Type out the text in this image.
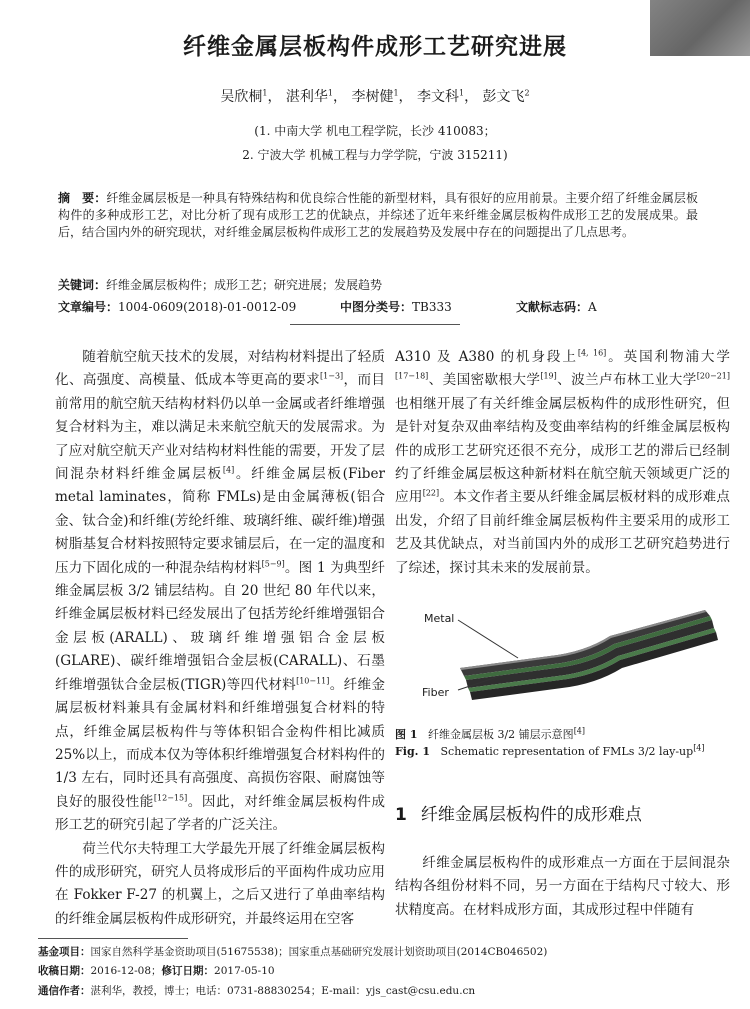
纤维金属层板构件成形工艺研究进展
吴欣桐$^1$， 湛利华$^1$， 李树健$^1$， 李文科$^1$， 彭文飞$^2$
(1. 中南大学 机电工程学院，长沙 410083；
2. 宁波大学 机械工程与力学学院，宁波 315211)
摘　要：纤维金属层板是一种具有特殊结构和优良综合性能的新型材料，具有很好的应用前景。主要介绍了纤维金属层板构件的多种成形工艺，对比分析了现有成形工艺的优缺点，并综述了近年来纤维金属层板构件成形工艺的发展成果。最后，结合国内外的研究现状，对纤维金属层板构件成形工艺的发展趋势及发展中存在的问题提出了几点思考。
关键词：纤维金属层板构件；成形工艺；研究进展；发展趋势
文章编号：1004-0609(2018)-01-0012-09	中图分类号：TB333	文献标志码：A

随着航空航天技术的发展，对结构材料提出了轻质化、高强度、高模量、低成本等更高的要求[1−3]，而目前常用的航空航天结构材料仍以单一金属或者纤维增强复合材料为主，难以满足未来航空航天的发展需求。为了应对航空航天产业对结构材料性能的需要，开发了层间混杂材料纤维金属层板[4]。纤维金属层板(Fiber metal laminates，简称 FMLs)是由金属薄板(铝合金、钛合金)和纤维(芳纶纤维、玻璃纤维、碳纤维)增强树脂基复合材料按照特定要求铺层后，在一定的温度和压力下固化成的一种混杂结构材料[5−9]。图 1 为典型纤维金属层板 3/2 铺层结构。自 20 世纪 80 年代以来，纤维金属层板材料已经发展出了包括芳纶纤维增强铝合金层板(ARALL)、玻璃纤维增强铝合金层板(GLARE)、碳纤维增强铝合金层板(CARALL)、石墨纤维增强钛合金层板(TIGR)等四代材料[10−11]。纤维金属层板材料兼具有金属材料和纤维增强复合材料的特点，纤维金属层板构件与等体积铝合金构件相比减质 25%以上，而成本仅为等体积纤维增强复合材料构件的 1/3 左右，同时还具有高强度、高损伤容限、耐腐蚀等良好的服役性能[12−15]。因此，对纤维金属层板构件成形工艺的研究引起了学者的广泛关注。

荷兰代尔夫特理工大学最先开展了纤维金属层板构件的成形研究，研究人员将成形后的平面构件成功应用在 Fokker F-27 的机翼上，之后又进行了单曲率结构的纤维金属层板构件成形研究，并最终运用在空客

A310 及 A380 的机身段上[4, 16]。英国利物浦大学[17−18]、美国密歇根大学[19]、波兰卢布林工业大学[20−21]也相继开展了有关纤维金属层板构件的成形性研究，但是针对复杂双曲率结构及变曲率结构的纤维金属层板构件的成形工艺研究还很不充分，成形工艺的滞后已经制约了纤维金属层板这种新材料在航空航天领域更广泛的应用[22]。本文作者主要从纤维金属层板材料的成形难点出发，介绍了目前纤维金属层板构件主要采用的成形工艺及其优缺点，对当前国内外的成形工艺研究趋势进行了综述，探讨其未来的发展前景。

Metal
Fiber
图 1 纤维金属层板 3/2 铺层示意图[4]
Fig. 1 Schematic representation of FMLs 3/2 lay-up[4]
1 纤维金属层板构件的成形难点

纤维金属层板构件的成形难点一方面在于层间混杂结构各组份材料不同，另一方面在于结构尺寸较大、形状精度高。在材料成形方面，其成形过程中伴随有

基金项目：国家自然科学基金资助项目(51675538)；国家重点基础研究发展计划资助项目(2014CB046502)
收稿日期：2016-12-08；修订日期：2017-05-10
通信作者：湛利华，教授，博士；电话：0731-88830254；E-mail：yjs_cast@csu.edu.cn
